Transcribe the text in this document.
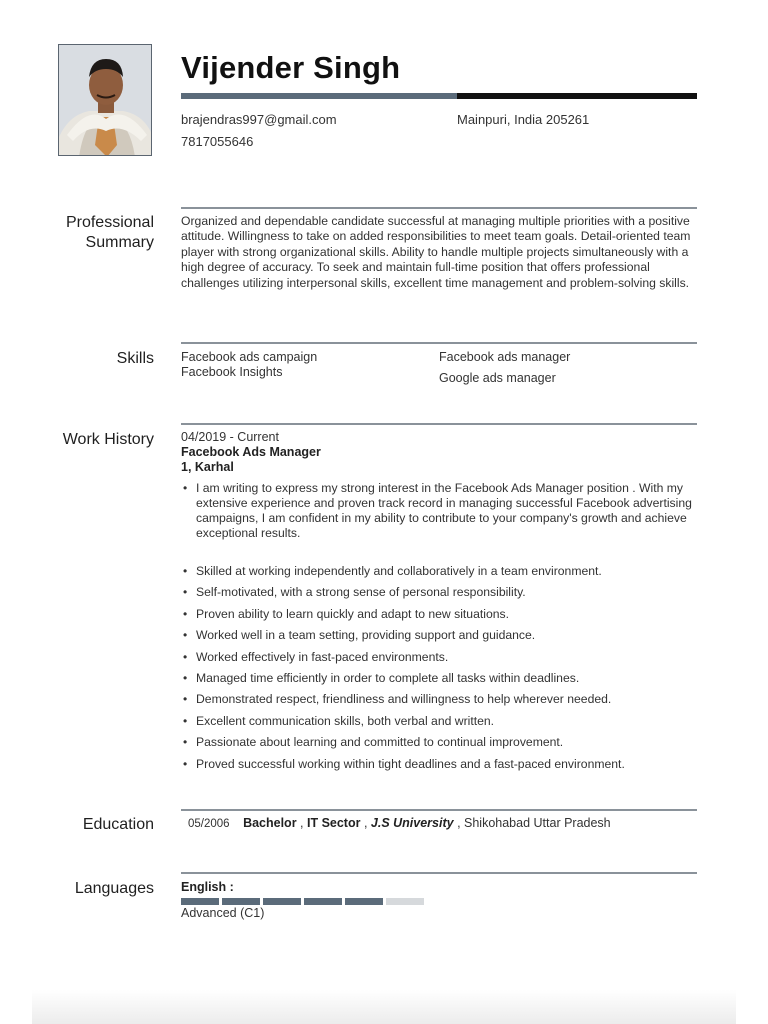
Vijender Singh
brajendras997@gmail.com
7817055646
Mainpuri, India 205261
Professional
Summary

Organized and dependable candidate successful at managing multiple priorities with a positive attitude. Willingness to take on added responsibilities to meet team goals. Detail-oriented team player with strong organizational skills. Ability to handle multiple projects simultaneously with a high degree of accuracy. To seek and maintain full-time position that offers professional challenges utilizing interpersonal skills, excellent time management and problem-solving skills.

Skills Facebook ads campaign
Facebook Insights
Facebook ads manager
Google ads manager
Work History 04/2019 - Current
Facebook Ads Manager
1, Karhal
• I am writing to express my strong interest in the Facebook Ads Manager position . With my extensive experience and proven track record in managing successful Facebook advertising campaigns, I am confident in my ability to contribute to your company's growth and achieve exceptional results.
• Skilled at working independently and collaboratively in a team environment.
• Self-motivated, with a strong sense of personal responsibility.
• Proven ability to learn quickly and adapt to new situations.
• Worked well in a team setting, providing support and guidance.
• Worked effectively in fast-paced environments.
• Managed time efficiently in order to complete all tasks within deadlines.
• Demonstrated respect, friendliness and willingness to help wherever needed.
• Excellent communication skills, both verbal and written.
• Passionate about learning and committed to continual improvement.
• Proved successful working within tight deadlines and a fast-paced environment.
Education	05/2006 Bachelor , IT Sector , J.S University , Shikohabad Uttar Pradesh
Languages English :
Advanced (C1)
